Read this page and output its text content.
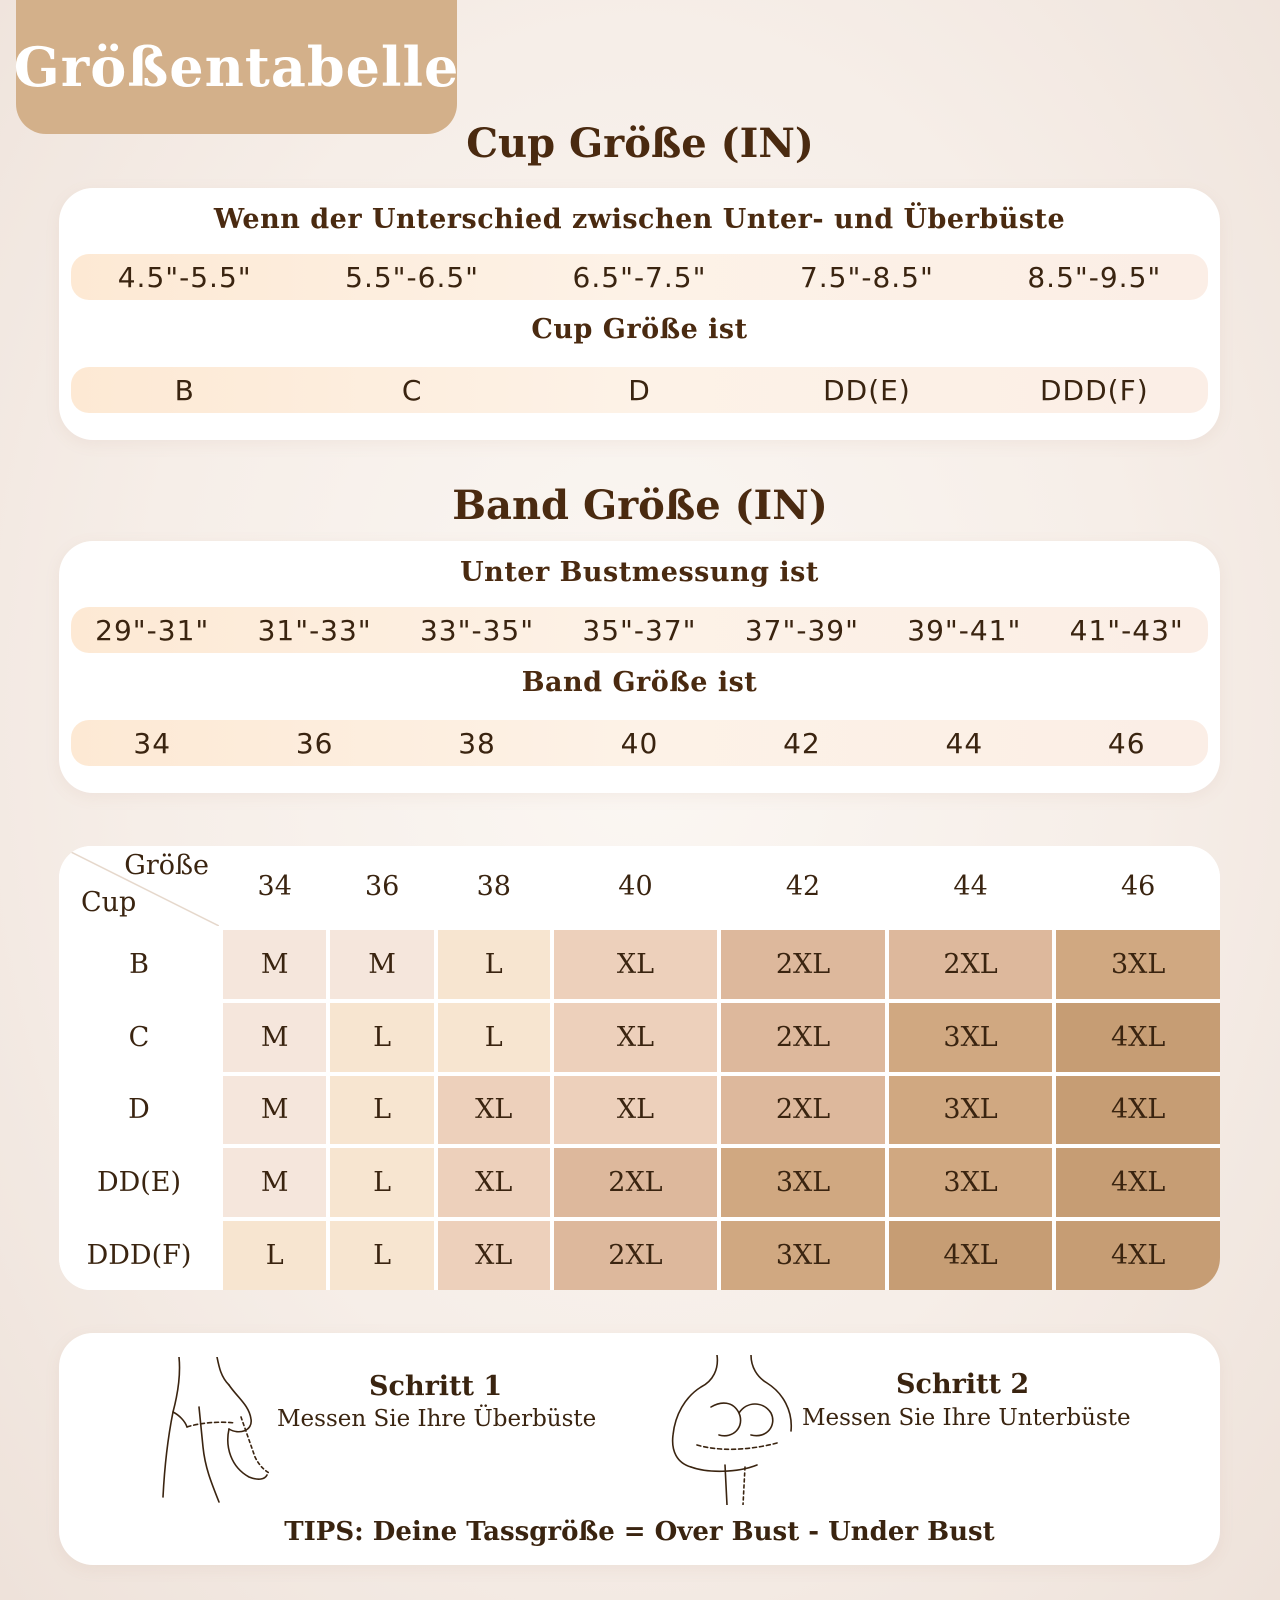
Größentabelle
Cup Größe (IN)
Wenn der Unterschied zwischen Unter- und Überbüste
4.5"-5.5"	5.5"-6.5"	6.5"-7.5"	7.5"-8.5"	8.5"-9.5"
Cup Größe ist
B	C	D	DD(E)	DDD(F)
Band Größe (IN)
Unter Bustmessung ist
29"-31"	31"-33"	33"-35"	35"-37"	37"-39"	39"-41"	41"-43"
Band Größe ist
34	36	38	40	42	44	46
Größe
Cup	34	36	38	40	42	44	46
B	M	M	L	XL	2XL	2XL	3XL
C	M	L	L	XL	2XL	3XL	4XL
D	M	L	XL	XL	2XL	3XL	4XL
DD(E)	M	L	XL	2XL	3XL	3XL	4XL
DDD(F)	L	L	XL	2XL	3XL	4XL	4XL
Schritt 1
Messen Sie Ihre Überbüste
Schritt 2
Messen Sie Ihre Unterbüste
TIPS: Deine Tassgröße = Over Bust - Under Bust
